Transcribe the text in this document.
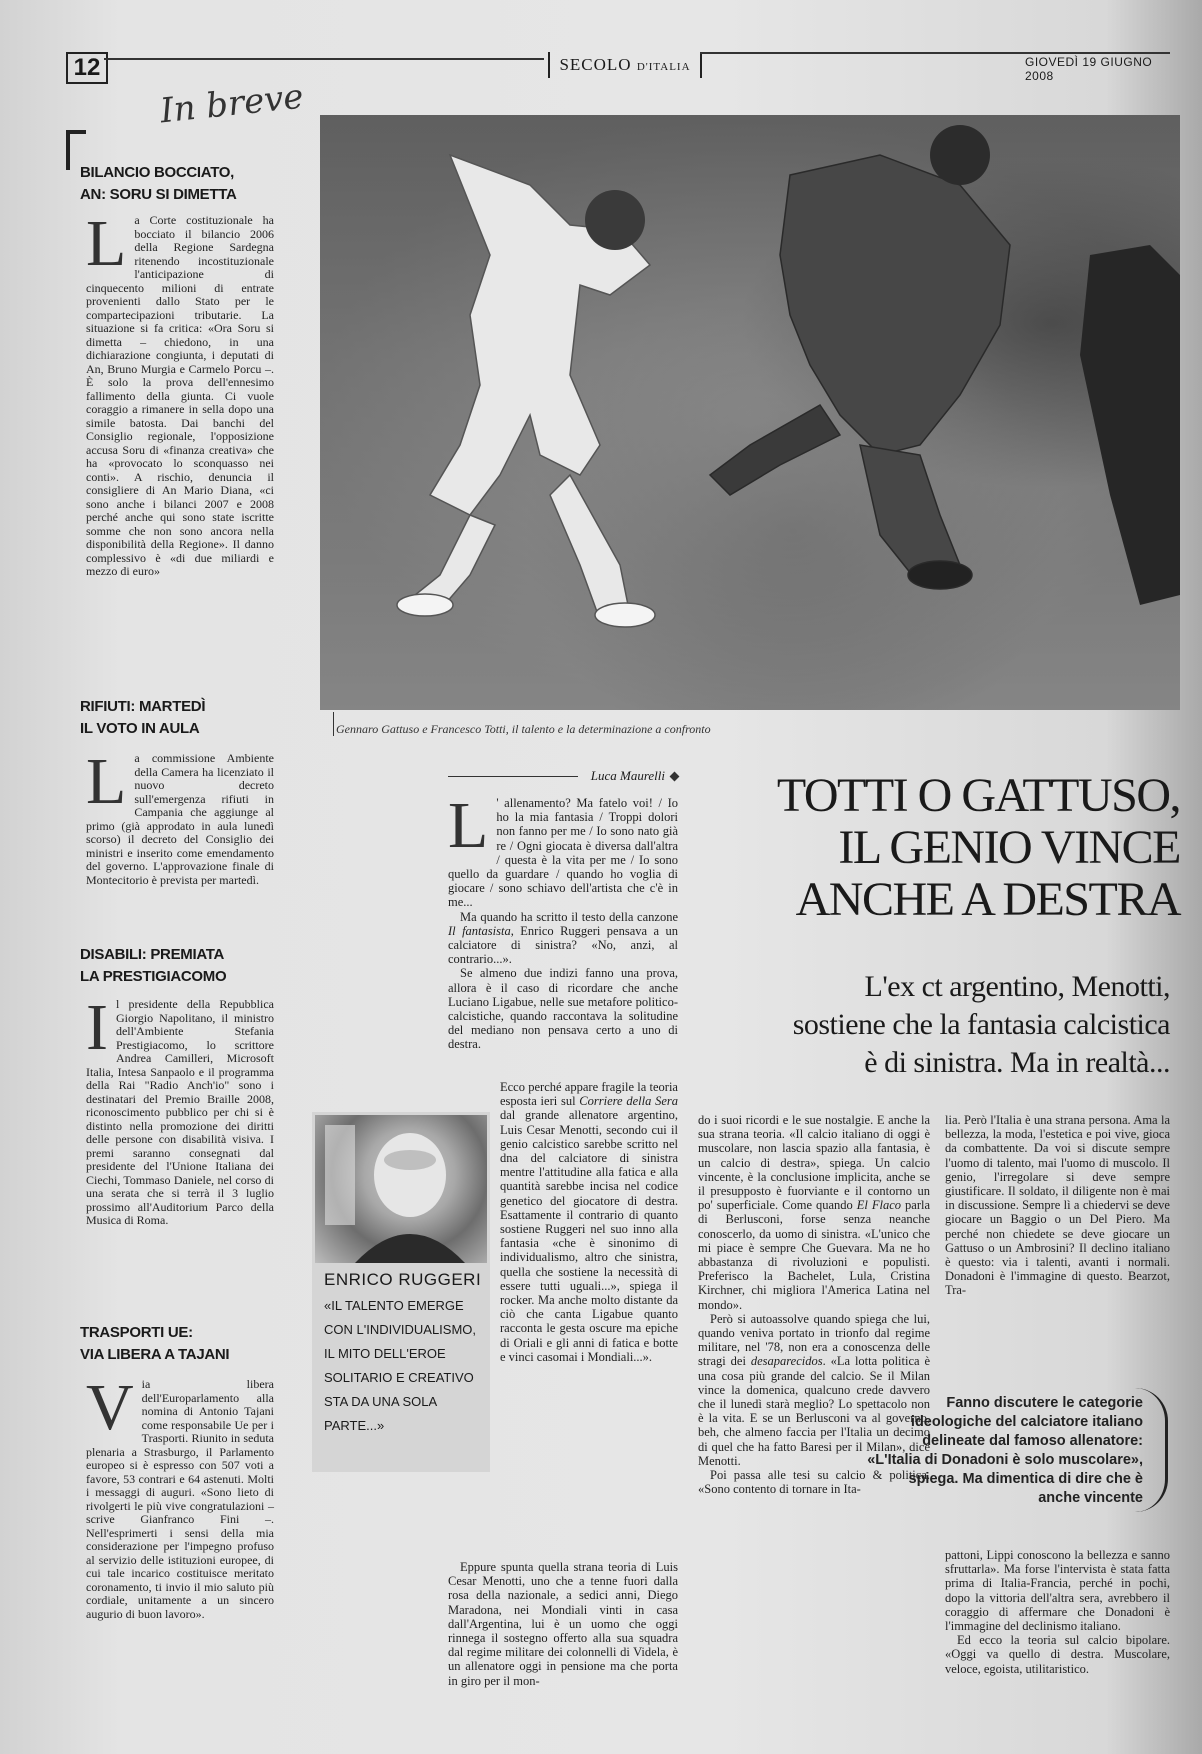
12	SECOLO D'ITALIA	GIOVEDÌ 19 GIUGNO 2008
In breve
BILANCIO BOCCIATO,
AN: SORU SI DIMETTA
La Corte costituzionale ha bocciato il bilancio 2006 della Regione Sardegna ritenendo incostituzionale l'anticipazione di cinquecento milioni di entrate provenienti dallo Stato per le compartecipazioni tributarie. La situazione si fa critica: «Ora Soru si dimetta – chiedono, in una dichiarazione congiunta, i deputati di An, Bruno Murgia e Carmelo Porcu –. È solo la prova dell'ennesimo fallimento della giunta. Ci vuole coraggio a rimanere in sella dopo una simile batosta. Dai banchi del Consiglio regionale, l'opposizione accusa Soru di «finanza creativa» che ha «provocato lo sconquasso nei conti». A rischio, denuncia il consigliere di An Mario Diana, «ci sono anche i bilanci 2007 e 2008 perché anche qui sono state iscritte somme che non sono ancora nella disponibilità della Regione». Il danno complessivo è «di due miliardi e mezzo di euro»
RIFIUTI: MARTEDÌ
IL VOTO IN AULA
La commissione Ambiente della Camera ha licenziato il nuovo decreto sull'emergenza rifiuti in Campania che aggiunge al primo (già approdato in aula lunedì scorso) il decreto del Consiglio dei ministri e inserito come emendamento del governo. L'approvazione finale di Montecitorio è prevista per martedì.
DISABILI: PREMIATA
LA PRESTIGIACOMO
Il presidente della Repubblica Giorgio Napolitano, il ministro dell'Ambiente Stefania Prestigiacomo, lo scrittore Andrea Camilleri, Microsoft Italia, Intesa Sanpaolo e il programma della Rai "Radio Anch'io" sono i destinatari del Premio Braille 2008, riconoscimento pubblico per chi si è distinto nella promozione dei diritti delle persone con disabilità visiva. I premi saranno consegnati dal presidente del l'Unione Italiana dei Ciechi, Tommaso Daniele, nel corso di una serata che si terrà il 3 luglio prossimo all'Auditorium Parco della Musica di Roma.
TRASPORTI UE:
VIA LIBERA A TAJANI
Via libera dell'Europarlamento alla nomina di Antonio Tajani come responsabile Ue per i Trasporti. Riunito in seduta plenaria a Strasburgo, il Parlamento europeo si è espresso con 507 voti a favore, 53 contrari e 64 astenuti. Molti i messaggi di auguri. «Sono lieto di rivolgerti le più vive congratulazioni – scrive Gianfranco Fini –. Nell'esprimerti i sensi della mia considerazione per l'impegno profuso al servizio delle istituzioni europee, di cui tale incarico costituisce meritato coronamento, ti invio il mio saluto più cordiale, unitamente a un sincero augurio di buon lavoro».
Gennaro Gattuso e Francesco Totti, il talento e la determinazione a confronto
Luca Maurelli	TOTTI O GATTUSO,
IL GENIO VINCE
ANCHE A DESTRA
L'ex ct argentino, Menotti,
sostiene che la fantasia calcistica
è di sinistra. Ma in realtà...
L ' allenamento? Ma fatelo voi! / Io ho la mia fantasia / Troppi dolori non fanno per me / Io sono nato già re / Ogni giocata è diversa dall'altra / questa è la vita per me / Io sono quello da guardare / quando ho voglia di giocare / sono schiavo dell'artista che c'è in me...
Ma quando ha scritto il testo della canzone Il fantasista, Enrico Ruggeri pensava a un calciatore di sinistra? «No, anzi, al contrario...».
Se almeno due indizi fanno una prova, allora è il caso di ricordare che anche Luciano Ligabue, nelle sue metafore politico-calcistiche, quando raccontava la solitudine del mediano non pensava certo a uno di destra.
ENRICO RUGGERI
«IL TALENTO EMERGE CON L'INDIVIDUALISMO, IL MITO DELL'EROE SOLITARIO E CREATIVO STA DA UNA SOLA PARTE...»
Ecco perché appare fragile la teoria esposta ieri sul Corriere della Sera dal grande allenatore argentino, Luis Cesar Menotti, secondo cui il genio calcistico sarebbe scritto nel dna del calciatore di sinistra mentre l'attitudine alla fatica e alla quantità sarebbe incisa nel codice genetico del giocatore di destra. Esattamente il contrario di quanto sostiene Ruggeri nel suo inno alla fantasia «che è sinonimo di individualismo, altro che sinistra, quella che sostiene la necessità di essere tutti uguali...», spiega il rocker. Ma anche molto distante da ciò che canta Ligabue quanto racconta le gesta oscure ma epiche di Oriali e gli anni di fatica e botte e vinci casomai i Mondiali...».
Eppure spunta quella strana teoria di Luis Cesar Menotti, uno che a tenne fuori dalla rosa della nazionale, a sedici anni, Diego Maradona, nei Mondiali vinti in casa dall'Argentina, lui è un uomo che oggi rinnega il sostegno offerto alla sua squadra dal regime militare dei colonnelli di Videla, è un allenatore oggi in pensione ma che porta in giro per il mon-
do i suoi ricordi e le sue nostalgie. E anche la sua strana teoria. «Il calcio italiano di oggi è muscolare, non lascia spazio alla fantasia, è un calcio di destra», spiega. Un calcio vincente, è la conclusione implicita, anche se il presupposto è fuorviante e il contorno un po' superficiale. Come quando El Flaco parla di Berlusconi, forse senza neanche conoscerlo, da uomo di sinistra. «L'unico che mi piace è sempre Che Guevara. Ma ne ho abbastanza di rivoluzioni e populisti. Preferisco la Bachelet, Lula, Cristina Kirchner, chi migliora l'America Latina nel mondo».
Però si autoassolve quando spiega che lui, quando veniva portato in trionfo dal regime militare, nel '78, non era a conoscenza delle stragi dei desaparecidos. «La lotta politica è una cosa più grande del calcio. Se il Milan vince la domenica, qualcuno crede davvero che il lunedì starà meglio? Lo spettacolo non è la vita. E se un Berlusconi va al governo, beh, che almeno faccia per l'Italia un decimo di quel che ha fatto Baresi per il Milan», dice Menotti.
Poi passa alle tesi su calcio & politica. «Sono contento di tornare in Ita-
lia. Però l'Italia è una strana persona. Ama la bellezza, la moda, l'estetica e poi vive, gioca da combattente. Da voi si discute sempre l'uomo di talento, mai l'uomo di muscolo. Il genio, l'irregolare si deve sempre giustificare. Il soldato, il diligente non è mai in discussione. Sempre lì a chiedervi se deve giocare un Baggio o un Del Piero. Ma perché non chiedete se deve giocare un Gattuso o un Ambrosini? Il declino italiano è questo: via i talenti, avanti i normali. Donadoni è l'immagine di questo. Bearzot, Tra-
Fanno discutere le categorie ideologiche del calciatore italiano delineate dal famoso allenatore: «L'Italia di Donadoni è solo muscolare», spiega. Ma dimentica di dire che è anche vincente
pattoni, Lippi conoscono la bellezza e sanno sfruttarla». Ma forse l'intervista è stata fatta prima di Italia-Francia, perché in pochi, dopo la vittoria dell'altra sera, avrebbero il coraggio di affermare che Donadoni è l'immagine del declinismo italiano.
Ed ecco la teoria sul calcio bipolare. «Oggi va quello di destra. Muscolare, veloce, egoista, utilitaristico.
